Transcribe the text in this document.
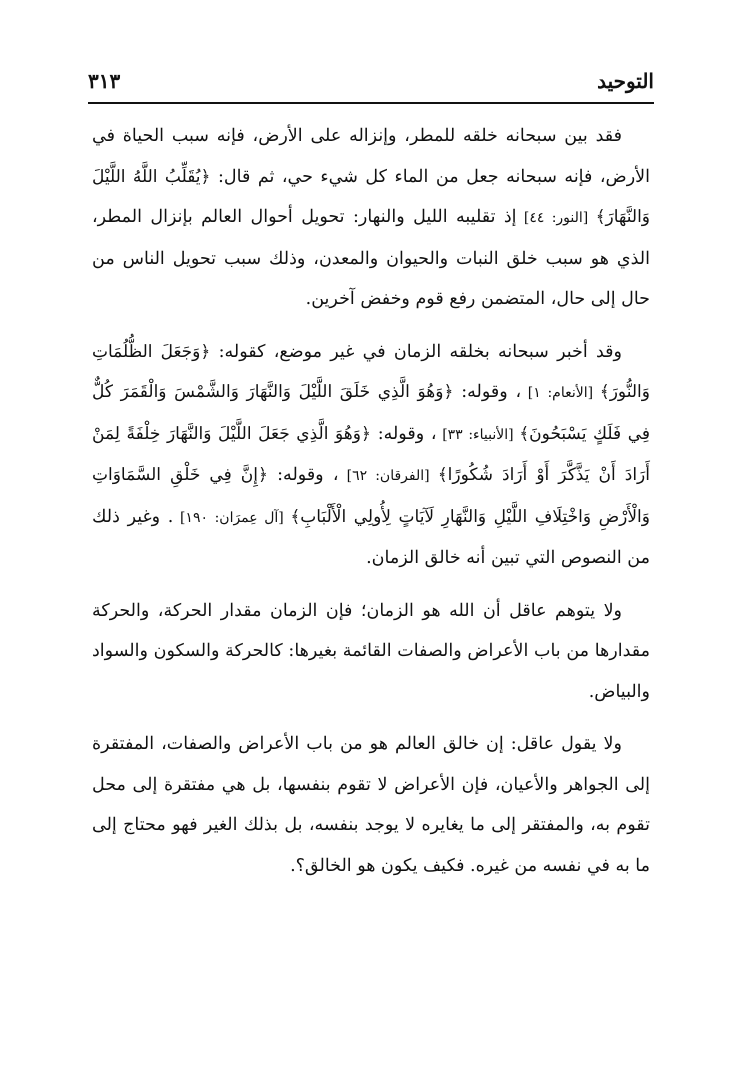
التوحيد
٣١٣

فقد بين سبحانه خلقه للمطر، وإنزاله على الأرض، فإنه سبب الحياة في الأرض، فإنه سبحانه جعل من الماء كل شيء حي، ثم قال: ﴿يُقَلِّبُ اللَّهُ اللَّيْلَ وَالنَّهَارَ﴾ [النور: ٤٤] إذ تقليبه الليل والنهار: تحويل أحوال العالم بإنزال المطر، الذي هو سبب خلق النبات والحيوان والمعدن، وذلك سبب تحويل الناس من حال إلى حال، المتضمن رفع قوم وخفض آخرين.

وقد أخبر سبحانه بخلقه الزمان في غير موضع، كقوله: ﴿وَجَعَلَ الظُّلُمَاتِ وَالنُّورَ﴾ [الأنعام: ١] ، وقوله: ﴿وَهُوَ الَّذِي خَلَقَ اللَّيْلَ وَالنَّهَارَ وَالشَّمْسَ وَالْقَمَرَ كُلٌّ فِي فَلَكٍ يَسْبَحُونَ﴾ [الأنبياء: ٣٣] ، وقوله: ﴿وَهُوَ الَّذِي جَعَلَ اللَّيْلَ وَالنَّهَارَ خِلْفَةً لِمَنْ أَرَادَ أَنْ يَذَّكَّرَ أَوْ أَرَادَ شُكُورًا﴾ [الفرقان: ٦٢] ، وقوله: ﴿إِنَّ فِي خَلْقِ السَّمَاوَاتِ وَالْأَرْضِ وَاخْتِلَافِ اللَّيْلِ وَالنَّهَارِ لَآيَاتٍ لِأُولِي الْأَلْبَابِ﴾ [آل عِمرَان: ١٩٠] . وغير ذلك من النصوص التي تبين أنه خالق الزمان.

ولا يتوهم عاقل أن الله هو الزمان؛ فإن الزمان مقدار الحركة، والحركة مقدارها من باب الأعراض والصفات القائمة بغيرها: كالحركة والسكون والسواد والبياض.

ولا يقول عاقل: إن خالق العالم هو من باب الأعراض والصفات، المفتقرة إلى الجواهر والأعيان، فإن الأعراض لا تقوم بنفسها، بل هي مفتقرة إلى محل تقوم به، والمفتقر إلى ما يغايره لا يوجد بنفسه، بل بذلك الغير فهو محتاج إلى ما به في نفسه من غيره. فكيف يكون هو الخالق؟.
